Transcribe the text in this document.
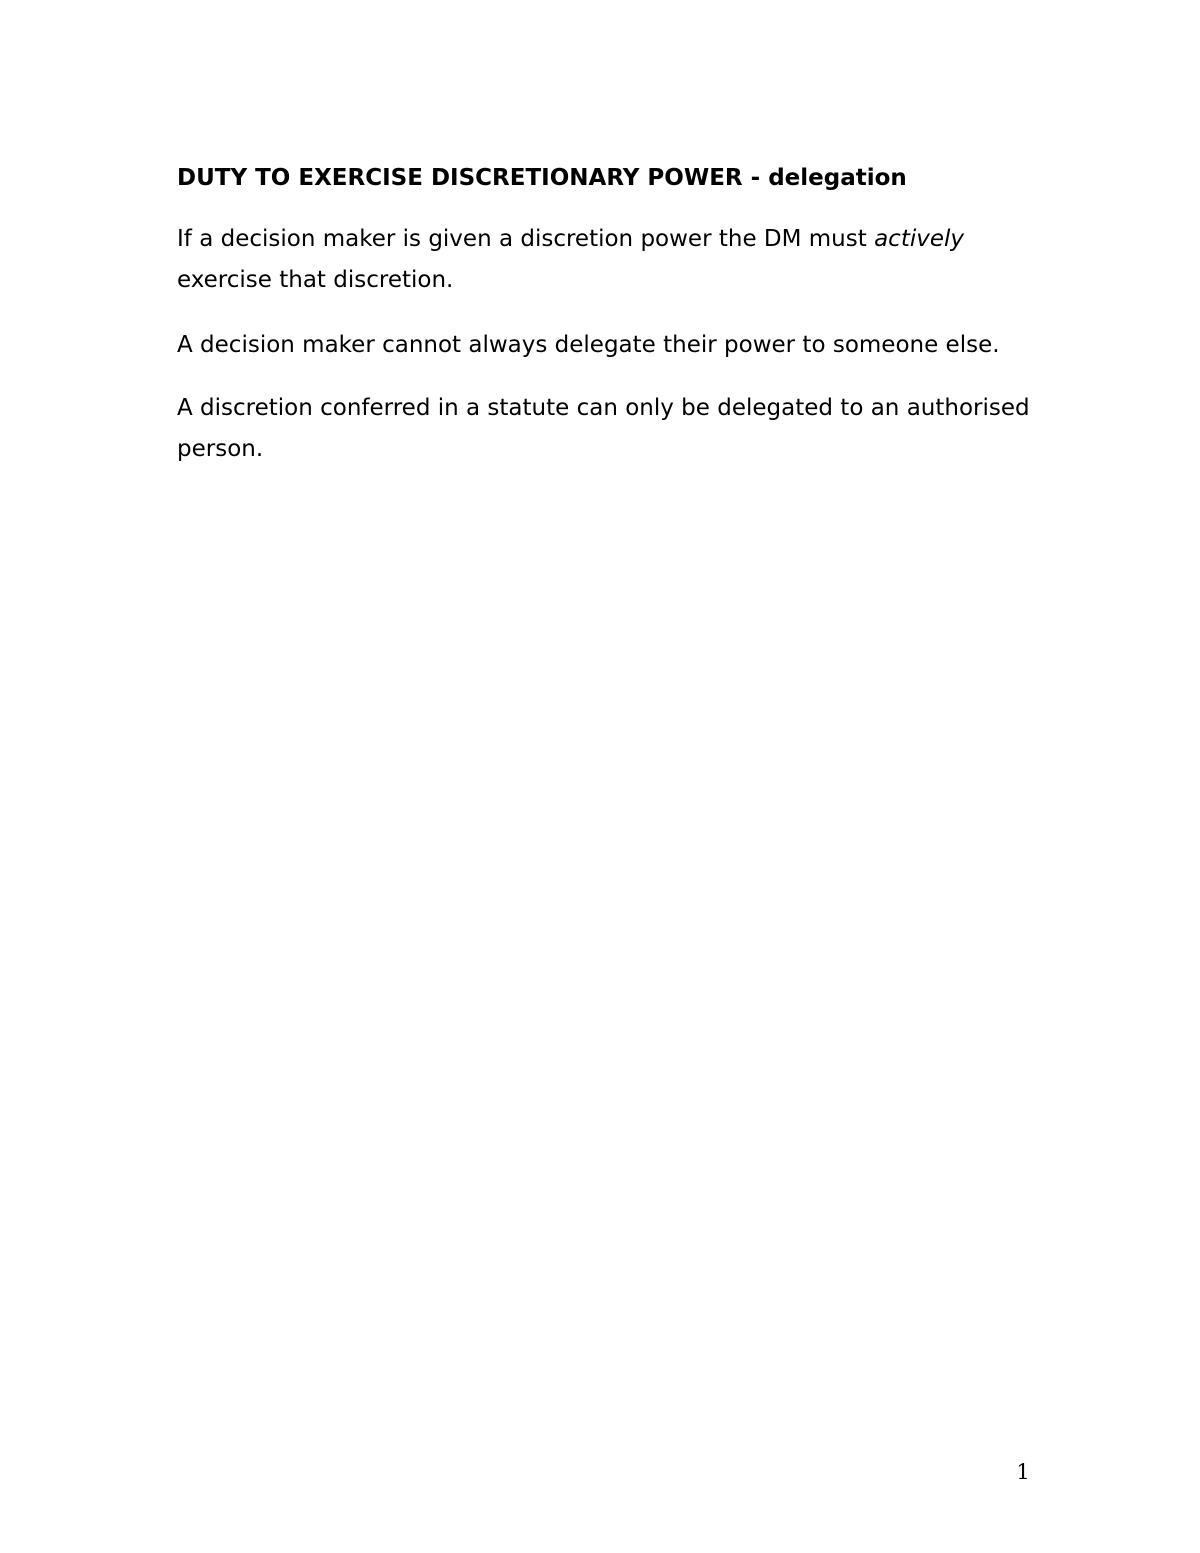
DUTY TO EXERCISE DISCRETIONARY POWER - delegation

If a decision maker is given a discretion power the DM must actively exercise that discretion.

A decision maker cannot always delegate their power to someone else.

A discretion conferred in a statute can only be delegated to an authorised person.

1
